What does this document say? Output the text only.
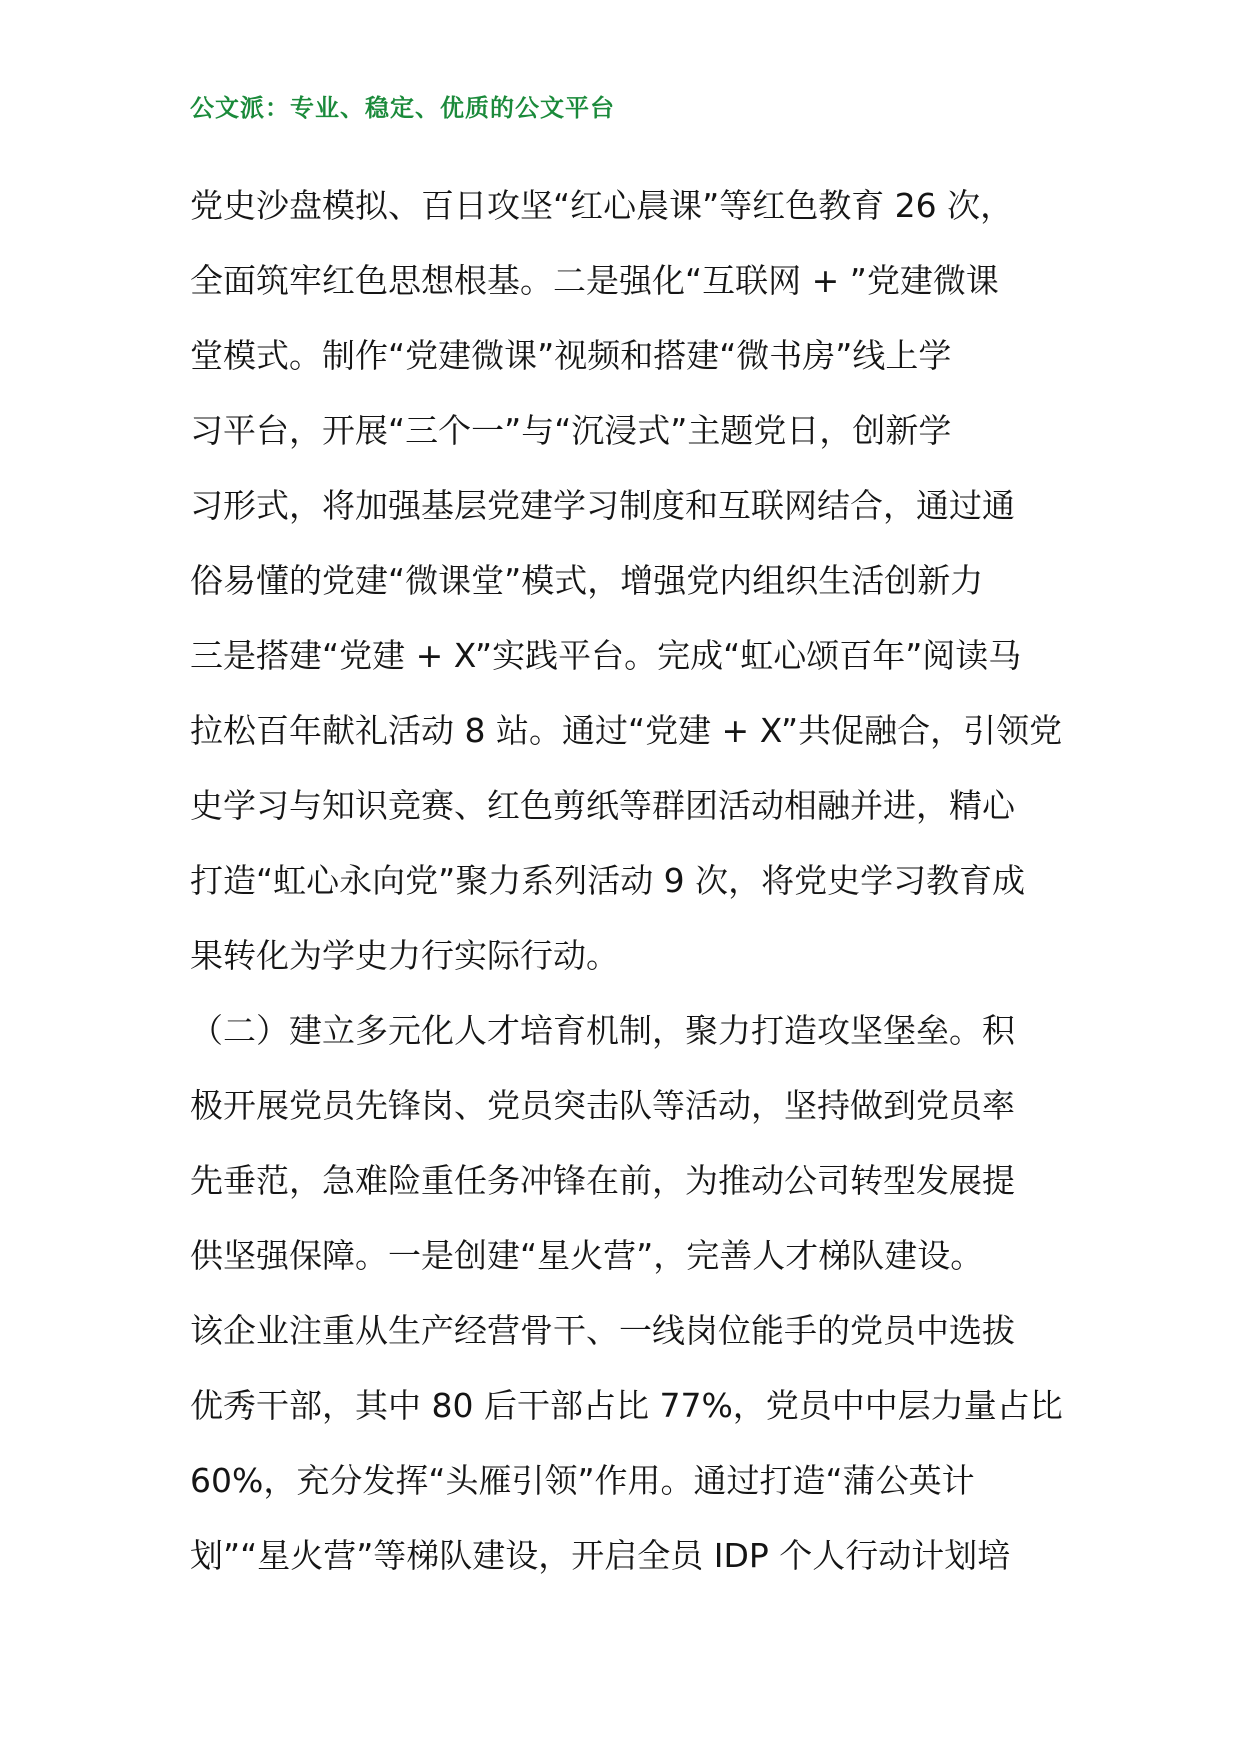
公文派：专业、稳定、优质的公文平台
党史沙盘模拟、百日攻坚“红心晨课”等红色教育 26 次，
全面筑牢红色思想根基。二是强化“互联网 + ”党建微课
堂模式。制作“党建微课”视频和搭建“微书房”线上学
习平台，开展“三个一”与“沉浸式”主题党日，创新学
习形式，将加强基层党建学习制度和互联网结合，通过通
俗易懂的党建“微课堂”模式，增强党内组织生活创新力
三是搭建“党建 + X”实践平台。完成“虹心颂百年”阅读马
拉松百年献礼活动 8 站。通过“党建 + X”共促融合，引领党
史学习与知识竞赛、红色剪纸等群团活动相融并进，精心
打造“虹心永向党”聚力系列活动 9 次，将党史学习教育成
果转化为学史力行实际行动。
（二）建立多元化人才培育机制，聚力打造攻坚堡垒。积
极开展党员先锋岗、党员突击队等活动，坚持做到党员率
先垂范，急难险重任务冲锋在前，为推动公司转型发展提
供坚强保障。一是创建“星火营”，完善人才梯队建设。
该企业注重从生产经营骨干、一线岗位能手的党员中选拔
优秀干部，其中 80 后干部占比 77%，党员中中层力量占比
60%，充分发挥“头雁引领”作用。通过打造“蒲公英计
划”“星火营”等梯队建设，开启全员 IDP 个人行动计划培
